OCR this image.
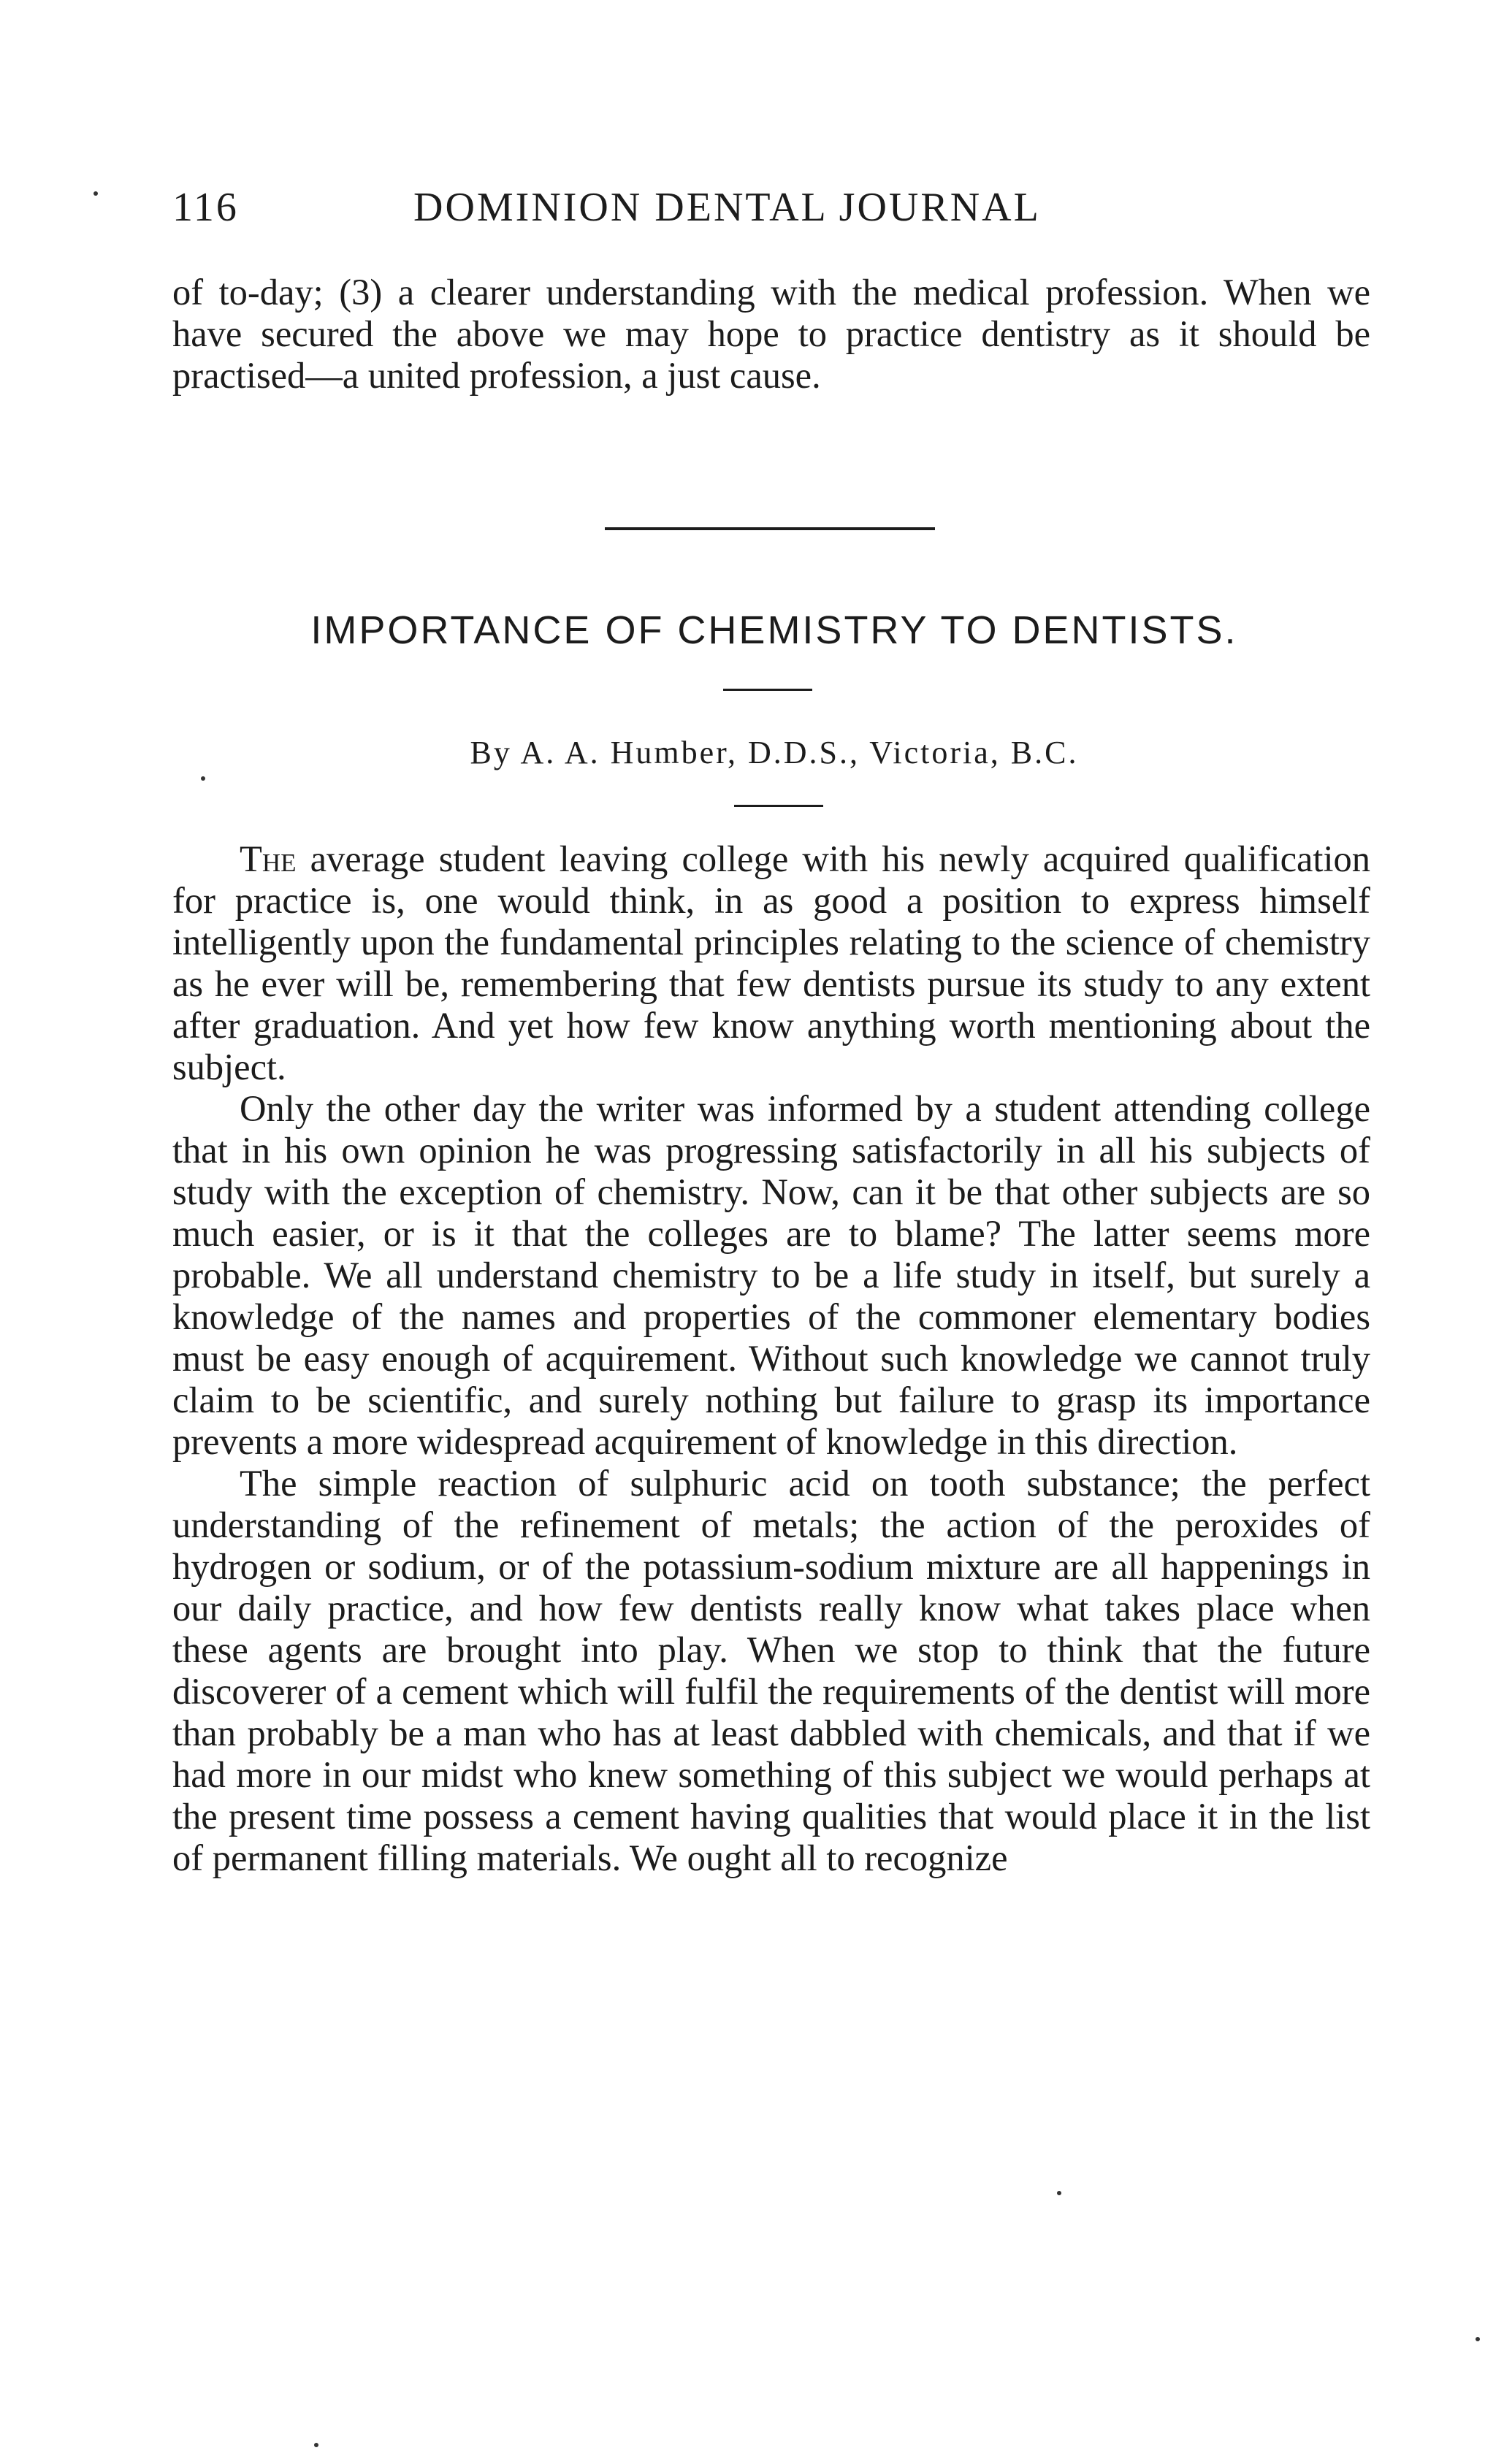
116	DOMINION DENTAL JOURNAL

of to-day; (3) a clearer understanding with the medical profession. When we have secured the above we may hope to practice dentistry as it should be practised—a united profession, a just cause.

IMPORTANCE OF CHEMISTRY TO DENTISTS.
By A. A. Humber, D.D.S., Victoria, B.C.

The average student leaving college with his newly acquired qualification for practice is, one would think, in as good a position to express himself intelligently upon the fundamental principles relating to the science of chemistry as he ever will be, remembering that few dentists pursue its study to any extent after graduation. And yet how few know anything worth mentioning about the subject.

Only the other day the writer was informed by a student attending college that in his own opinion he was progressing satisfactorily in all his subjects of study with the exception of chemistry. Now, can it be that other subjects are so much easier, or is it that the colleges are to blame? The latter seems more probable. We all understand chemistry to be a life study in itself, but surely a knowledge of the names and properties of the commoner elementary bodies must be easy enough of acquirement. Without such knowledge we cannot truly claim to be scientific, and surely nothing but failure to grasp its importance prevents a more widespread acquirement of knowledge in this direction.

The simple reaction of sulphuric acid on tooth substance; the perfect understanding of the refinement of metals; the action of the peroxides of hydrogen or sodium, or of the potassium-sodium mixture are all happenings in our daily practice, and how few dentists really know what takes place when these agents are brought into play. When we stop to think that the future discoverer of a cement which will fulfil the requirements of the dentist will more than probably be a man who has at least dabbled with chemicals, and that if we had more in our midst who knew something of this subject we would perhaps at the present time possess a cement having qualities that would place it in the list of permanent filling materials. We ought all to recognize
